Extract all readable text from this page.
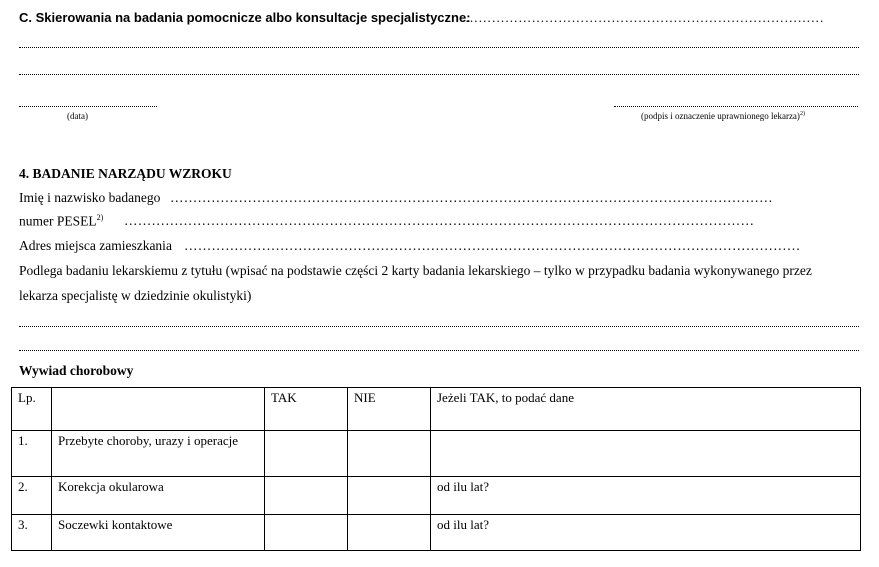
C. Skierowania na badania pomocnicze albo konsultacje specjalistyczne:
………………………………………………………………………
(data)	(podpis i oznaczenie uprawnionego lekarza)$^{2)}$
4. BADANIE NARZĄDU WZROKU
Imię i nazwisko badanego ……………………………………………………………………………………………………………………
numer PESEL$^{2)}$ …………………………………………………………………………………………………………………………
Adres miejsca zamieszkania ………………………………………………………………………………………………………………………
Podlega badaniu lekarskiemu z tytułu (wpisać na podstawie części 2 karty badania lekarskiego – tylko w przypadku badania wykonywanego przez
lekarza specjalistę w dziedzinie okulistyki)
Wywiad chorobowy
Lp.		TAK	NIE	Jeżeli TAK, to podać dane
1.	Przebyte choroby, urazy i operacje			
2.	Korekcja okularowa			od ilu lat?
3.	Soczewki kontaktowe			od ilu lat?
